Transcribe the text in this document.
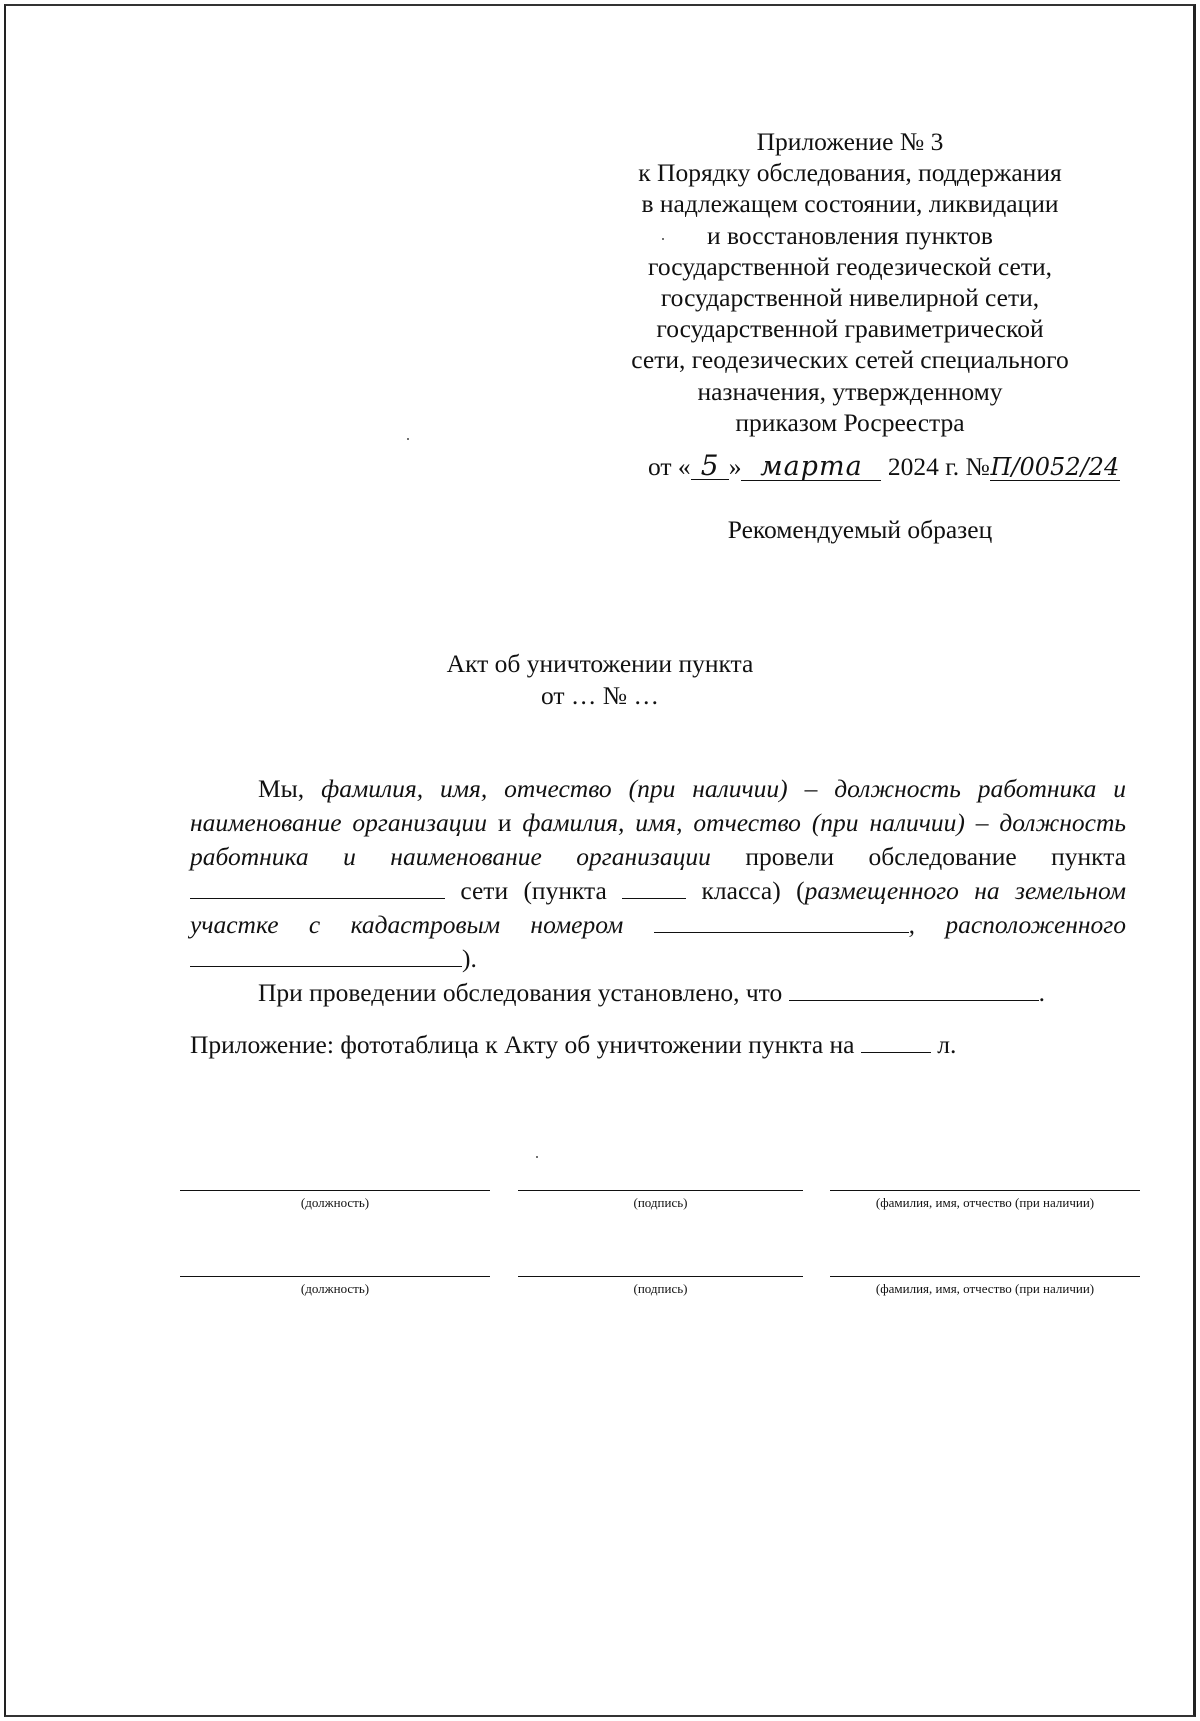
Приложение № 3
к Порядку обследования, поддержания
в надлежащем состоянии, ликвидации
и восстановления пунктов
государственной геодезической сети,
государственной нивелирной сети,
государственной гравиметрической
сети, геодезических сетей специального
назначения, утвержденному
приказом Росреестра
от « 5 » марта 2024 г. №П/0052/24
Рекомендуемый образец
Акт об уничтожении пункта
от … № …

Мы, фамилия, имя, отчество (при наличии) – должность работника и наименование организации и фамилия, имя, отчество (при наличии) – должность работника и наименование организации провели обследование пункта  сети (пункта	класса) (размещенного на земельном участке с кадастровым номером	, расположенного ).

При проведении обследования установлено, что	.

Приложение: фототаблица к Акту об уничтожении пункта на	л.
(должность)	(подпись)	(фамилия, имя, отчество (при наличии)
(должность)	(подпись)	(фамилия, имя, отчество (при наличии)
